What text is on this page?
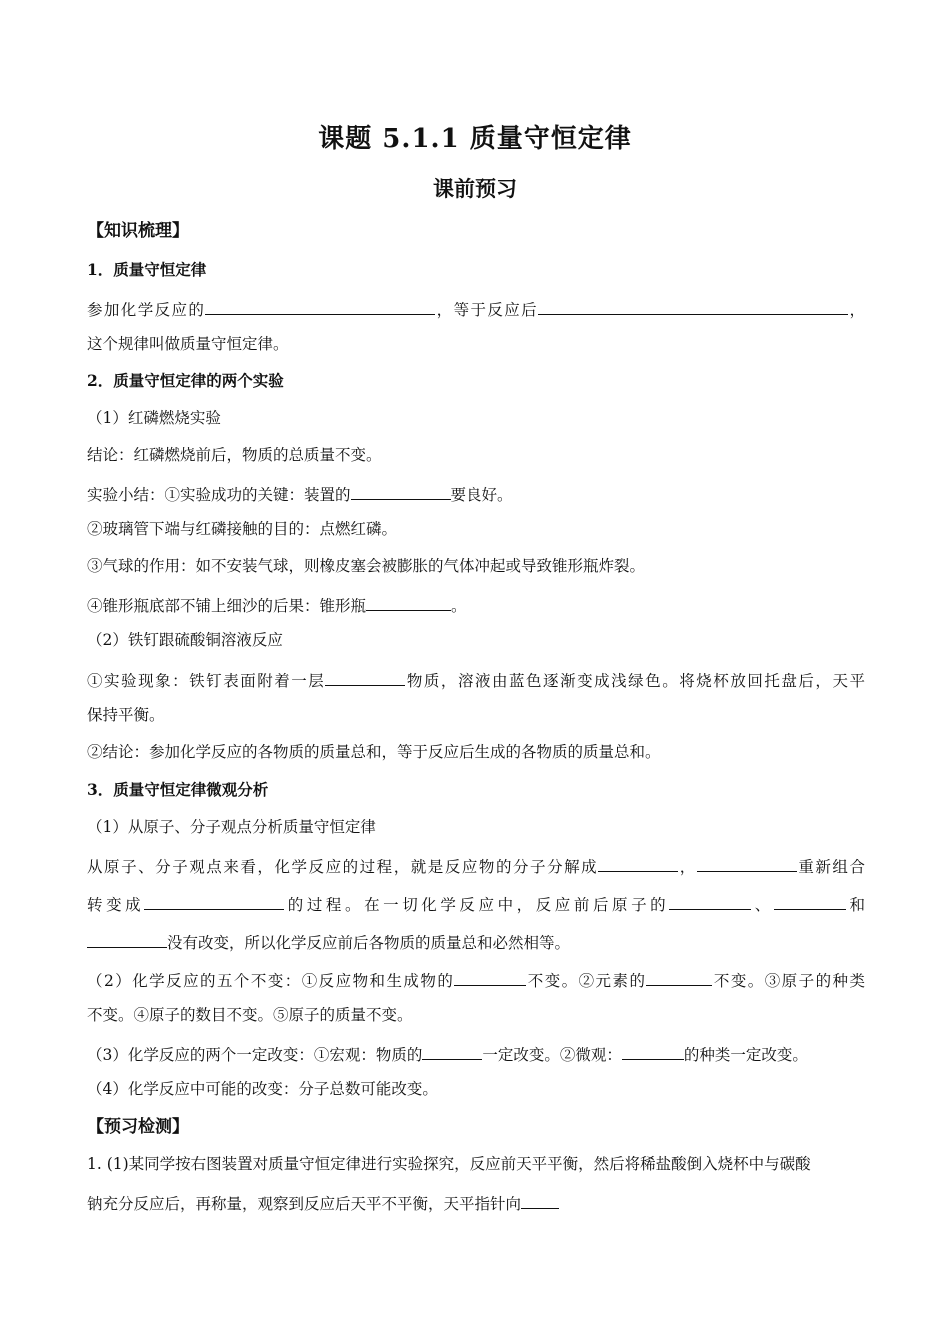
课题 5.1.1 质量守恒定律
课前预习
【知识梳理】
1．质量守恒定律
参加化学反应的	，等于反应后	，
这个规律叫做质量守恒定律。
2．质量守恒定律的两个实验
（1）红磷燃烧实验
结论：红磷燃烧前后，物质的总质量不变。
实验小结：①实验成功的关键：装置的	要良好。
②玻璃管下端与红磷接触的目的：点燃红磷。
③气球的作用：如不安装气球，则橡皮塞会被膨胀的气体冲起或导致锥形瓶炸裂。
④锥形瓶底部不铺上细沙的后果：锥形瓶	。
（2）铁钉跟硫酸铜溶液反应
①实验现象：铁钉表面附着一层	物质，溶液由蓝色逐渐变成浅绿色。将烧杯放回托盘后，天平
保持平衡。
②结论：参加化学反应的各物质的质量总和，等于反应后生成的各物质的质量总和。
3．质量守恒定律微观分析
（1）从原子、分子观点分析质量守恒定律
从原子、分子观点来看，化学反应的过程，就是反应物的分子分解成	，	重新组合
转变成	的过程。在一切化学反应中，反应前后原子的	、	和
没有改变，所以化学反应前后各物质的质量总和必然相等。
（2）化学反应的五个不变：①反应物和生成物的	不变。②元素的	不变。③原子的种类
不变。④原子的数目不变。⑤原子的质量不变。
（3）化学反应的两个一定改变：①宏观：物质的	一定改变。②微观：	的种类一定改变。
（4）化学反应中可能的改变：分子总数可能改变。
【预习检测】
1. (1)某同学按右图装置对质量守恒定律进行实验探究，反应前天平平衡，然后将稀盐酸倒入烧杯中与碳酸
钠充分反应后，再称量，观察到反应后天平不平衡，天平指针向
